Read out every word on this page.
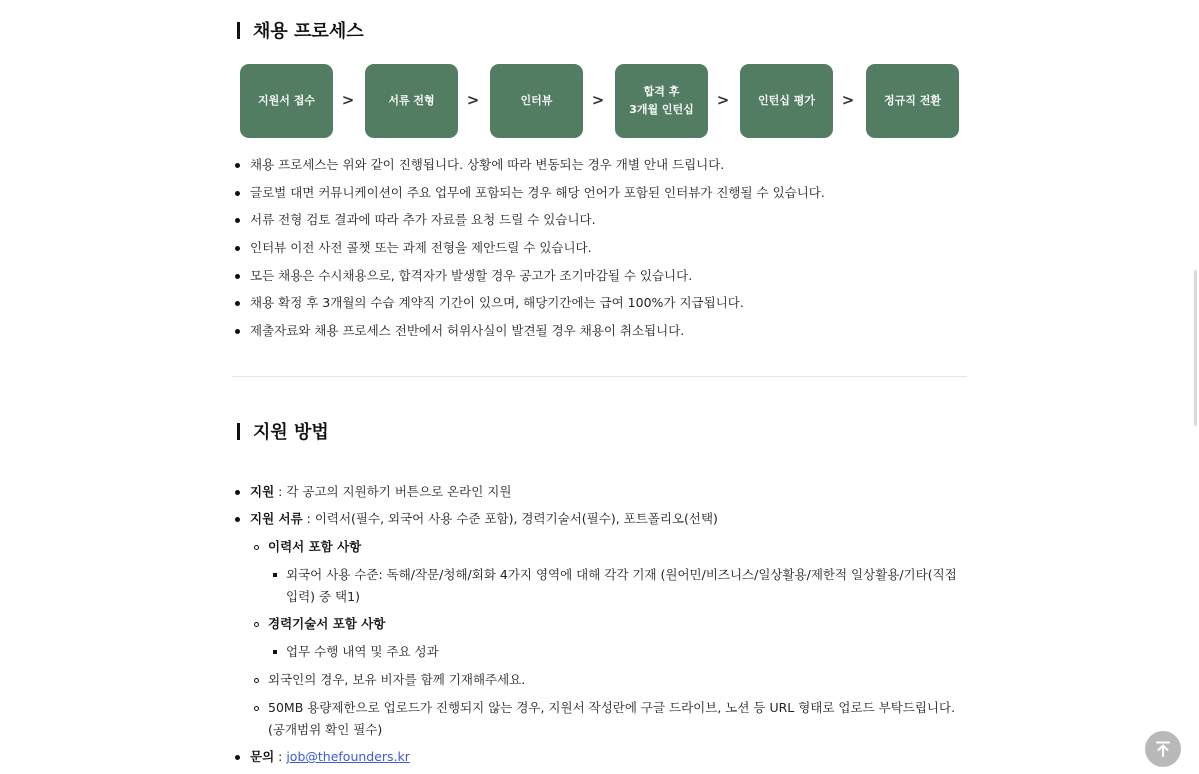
채용 프로세스
지원서 접수	>	서류 전형	>	인터뷰	>	합격 후
3개월 인턴십
>	인턴십 평가	>	정규직 전환
채용 프로세스는 위와 같이 진행됩니다. 상황에 따라 변동되는 경우 개별 안내 드립니다.
글로벌 대면 커뮤니케이션이 주요 업무에 포함되는 경우 해당 언어가 포함된 인터뷰가 진행될 수 있습니다.
서류 전형 검토 결과에 따라 추가 자료를 요청 드릴 수 있습니다.
인터뷰 이전 사전 콜챗 또는 과제 전형을 제안드릴 수 있습니다.
모든 채용은 수시채용으로, 합격자가 발생할 경우 공고가 조기마감될 수 있습니다.
채용 확정 후 3개월의 수습 계약직 기간이 있으며, 해당기간에는 급여 100%가 지급됩니다.
제출자료와 채용 프로세스 전반에서 허위사실이 발견될 경우 채용이 취소됩니다.
지원 방법
지원 : 각 공고의 지원하기 버튼으로 온라인 지원
지원 서류 : 이력서(필수, 외국어 사용 수준 포함), 경력기술서(필수), 포트폴리오(선택)
이력서 포함 사항
외국어 사용 수준: 독해/작문/청해/회화 4가지 영역에 대해 각각 기재 (원어민/비즈니스/일상활용/제한적 일상활용/기타(직접 입력) 중 택1)
경력기술서 포함 사항
업무 수행 내역 및 주요 성과
외국인의 경우, 보유 비자를 함께 기재해주세요.
50MB 용량제한으로 업로드가 진행되지 않는 경우, 지원서 작성란에 구글 드라이브, 노션 등 URL 형태로 업로드 부탁드립니다. (공개범위 확인 필수)
문의 : job@thefounders.kr
